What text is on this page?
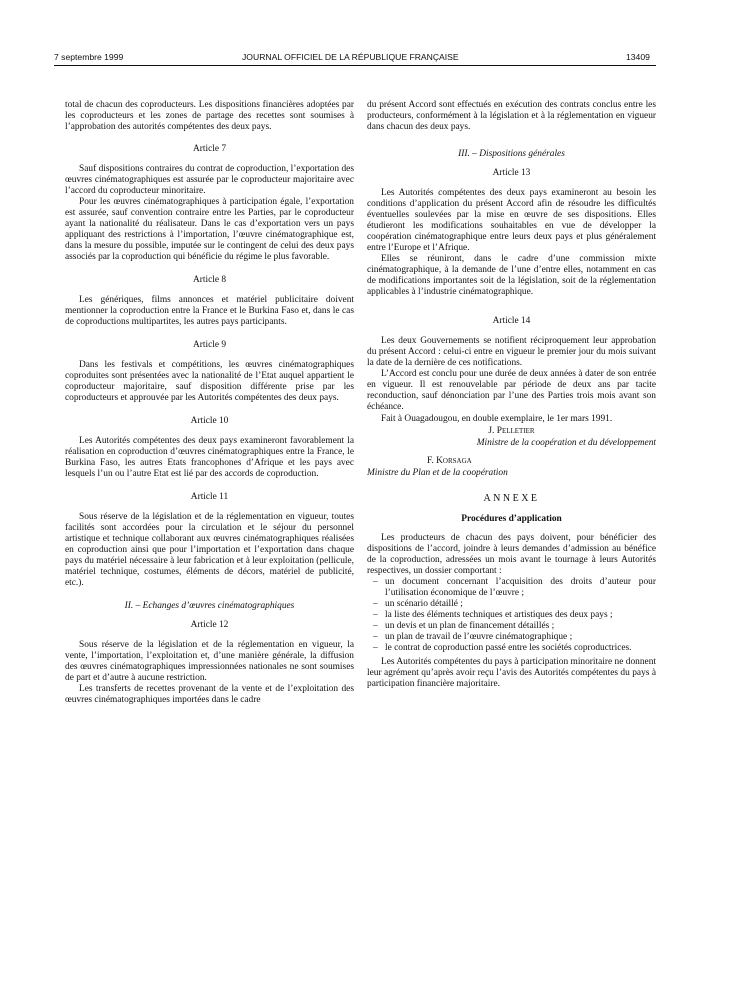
7 septembre 1999	JOURNAL OFFICIEL DE LA RÉPUBLIQUE FRANÇAISE	13409

total de chacun des coproducteurs. Les dispositions financières adoptées par les coproducteurs et les zones de partage des recettes sont soumises à l’approbation des autorités compétentes des deux pays.

Article 7

Sauf dispositions contraires du contrat de coproduction, l’exportation des œuvres cinématographiques est assurée par le coproducteur majoritaire avec l’accord du coproducteur minoritaire.

Pour les œuvres cinématographiques à participation égale, l’exportation est assurée, sauf convention contraire entre les Parties, par le coproducteur ayant la nationalité du réalisateur. Dans le cas d’exportation vers un pays appliquant des restrictions à l’importation, l’œuvre cinématographique est, dans la mesure du possible, imputée sur le contingent de celui des deux pays associés par la coproduction qui bénéficie du régime le plus favorable.

Article 8

Les génériques, films annonces et matériel publicitaire doivent mentionner la coproduction entre la France et le Burkina Faso et, dans le cas de coproductions multipartites, les autres pays participants.

Article 9

Dans les festivals et compétitions, les œuvres cinématographiques coproduites sont présentées avec la nationalité de l’Etat auquel appartient le coproducteur majoritaire, sauf disposition différente prise par les coproducteurs et approuvée par les Autorités compétentes des deux pays.

Article 10

Les Autorités compétentes des deux pays examineront favorablement la réalisation en coproduction d’œuvres cinématographiques entre la France, le Burkina Faso, les autres Etats francophones d’Afrique et les pays avec lesquels l’un ou l’autre Etat est lié par des accords de coproduction.

Article 11

Sous réserve de la législation et de la réglementation en vigueur, toutes facilités sont accordées pour la circulation et le séjour du personnel artistique et technique collaborant aux œuvres cinématographiques réalisées en coproduction ainsi que pour l’importation et l’exportation dans chaque pays du matériel nécessaire à leur fabrication et à leur exploitation (pellicule, matériel technique, costumes, éléments de décors, matériel de publicité, etc.).

II. – Echanges d’œuvres cinématographiques
Article 12

Sous réserve de la législation et de la réglementation en vigueur, la vente, l’importation, l’exploitation et, d’une manière générale, la diffusion des œuvres cinématographiques impressionnées nationales ne sont soumises de part et d’autre à aucune restriction.

Les transferts de recettes provenant de la vente et de l’exploitation des œuvres cinématographiques importées dans le cadre

du présent Accord sont effectués en exécution des contrats conclus entre les producteurs, conformément à la législation et à la réglementation en vigueur dans chacun des deux pays.

III. – Dispositions générales
Article 13

Les Autorités compétentes des deux pays examineront au besoin les conditions d’application du présent Accord afin de résoudre les difficultés éventuelles soulevées par la mise en œuvre de ses dispositions. Elles étudieront les modifications souhaitables en vue de développer la coopération cinématographique entre leurs deux pays et plus généralement entre l’Europe et l’Afrique.

Elles se réuniront, dans le cadre d’une commission mixte cinématographique, à la demande de l’une d’entre elles, notamment en cas de modifications importantes soit de la législation, soit de la réglementation applicables à l’industrie cinématographique.

Article 14

Les deux Gouvernements se notifient réciproquement leur approbation du présent Accord : celui-ci entre en vigueur le premier jour du mois suivant la date de la dernière de ces notifications.

L’Accord est conclu pour une durée de deux années à dater de son entrée en vigueur. Il est renouvelable par période de deux ans par tacite reconduction, sauf dénonciation par l’une des Parties trois mois avant son échéance.

Fait à Ouagadougou, en double exemplaire, le 1er mars 1991.

J. Pelletier
Ministre de la coopération et du développement
F. Korsaga
Ministre du Plan et de la coopération
ANNEXE
Procédures d’application

Les producteurs de chacun des pays doivent, pour bénéficier des dispositions de l’accord, joindre à leurs demandes d’admission au bénéfice de la coproduction, adressées un mois avant le tournage à leurs Autorités respectives, un dossier comportant :

– un document concernant l’acquisition des droits d’auteur pour l’utilisation économique de l’œuvre ;
– un scénario détaillé ;
– la liste des éléments techniques et artistiques des deux pays ;
– un devis et un plan de financement détaillés ;
– un plan de travail de l’œuvre cinématographique ;
– le contrat de coproduction passé entre les sociétés coproductrices.

Les Autorités compétentes du pays à participation minoritaire ne donnent leur agrément qu’après avoir reçu l’avis des Autorités compétentes du pays à participation financière majoritaire.
